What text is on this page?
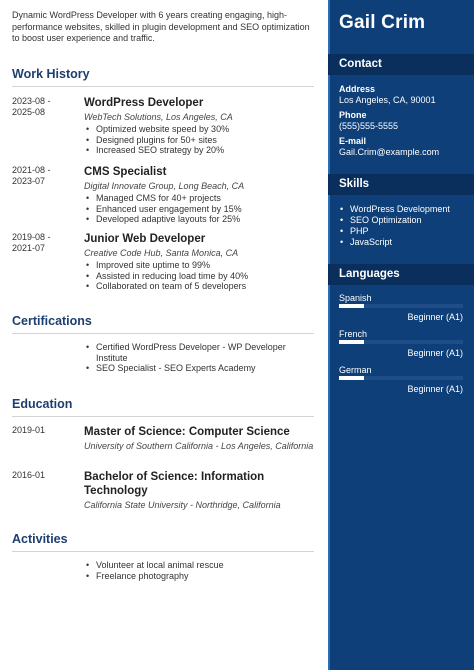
Dynamic WordPress Developer with 6 years creating engaging, high-performance websites, skilled in plugin development and SEO optimization to boost user experience and traffic.

Work History
2023-08 -
2025-08
WordPress Developer
WebTech Solutions, Los Angeles, CA
• Optimized website speed by 30%
• Designed plugins for 50+ sites
• Increased SEO strategy by 20%
2021-08 -
2023-07
CMS Specialist
Digital Innovate Group, Long Beach, CA
• Managed CMS for 40+ projects
• Enhanced user engagement by 15%
• Developed adaptive layouts for 25%
2019-08 -
2021-07
Junior Web Developer
Creative Code Hub, Santa Monica, CA
• Improved site uptime to 99%
• Assisted in reducing load time by 40%
• Collaborated on team of 5 developers
Certifications
• Certified WordPress Developer - WP Developer Institute
• SEO Specialist - SEO Experts Academy
Education
2019-01	Master of Science: Computer Science
University of Southern California - Los Angeles, California
2016-01	Bachelor of Science: Information Technology
California State University - Northridge, California
Activities
• Volunteer at local animal rescue
• Freelance photography
Gail Crim
Contact
Address
Los Angeles, CA, 90001
Phone
(555)555-5555
E-mail
Gail.Crim@example.com
Skills
• WordPress Development
• SEO Optimization
• PHP
• JavaScript
Languages
Spanish
Beginner (A1)
French
Beginner (A1)
German
Beginner (A1)
